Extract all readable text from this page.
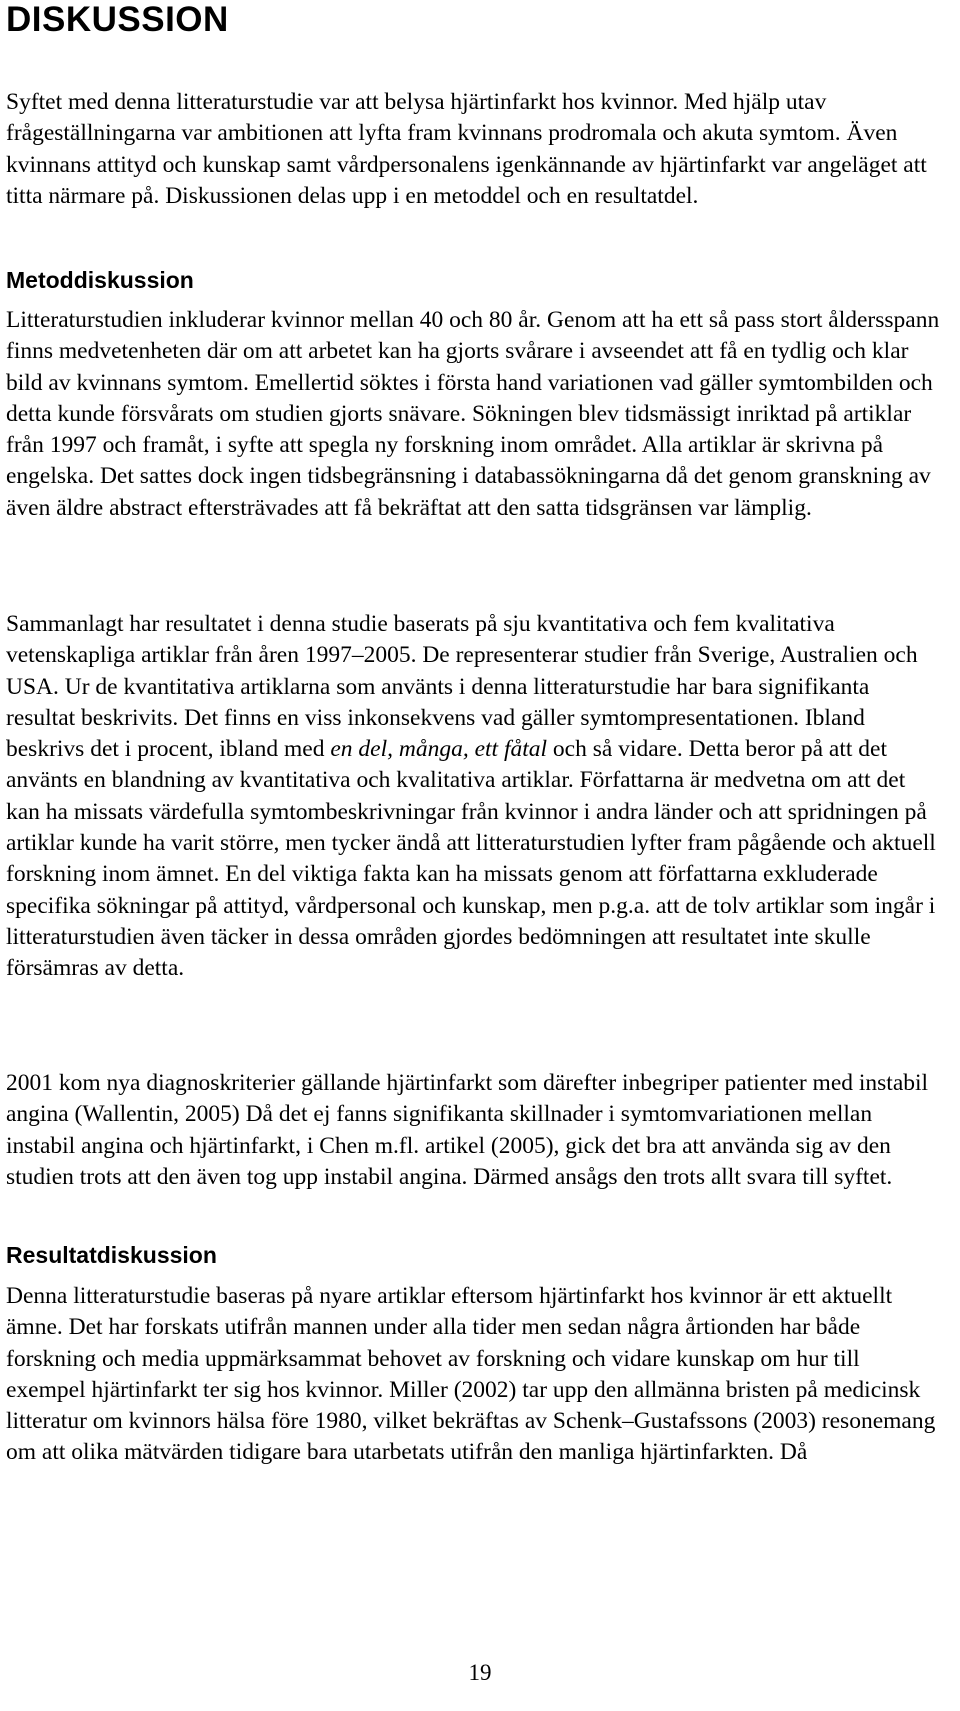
DISKUSSION

Syftet med denna litteraturstudie var att belysa hjärtinfarkt hos kvinnor. Med hjälp utav frågeställningarna var ambitionen att lyfta fram kvinnans prodromala och akuta symtom. Även kvinnans attityd och kunskap samt vårdpersonalens igenkännande av hjärtinfarkt var angeläget att titta närmare på. Diskussionen delas upp i en metoddel och en resultatdel.

Metoddiskussion

Litteraturstudien inkluderar kvinnor mellan 40 och 80 år. Genom att ha ett så pass stort åldersspann finns medvetenheten där om att arbetet kan ha gjorts svårare i avseendet att få en tydlig och klar bild av kvinnans symtom. Emellertid söktes i första hand variationen vad gäller symtombilden och detta kunde försvårats om studien gjorts snävare. Sökningen blev tidsmässigt inriktad på artiklar från 1997 och framåt, i syfte att spegla ny forskning inom området. Alla artiklar är skrivna på engelska. Det sattes dock ingen tidsbegränsning i databassökningarna då det genom granskning av även äldre abstract eftersträvades att få bekräftat att den satta tidsgränsen var lämplig.

Sammanlagt har resultatet i denna studie baserats på sju kvantitativa och fem kvalitativa vetenskapliga artiklar från åren 1997–2005. De representerar studier från Sverige, Australien och USA. Ur de kvantitativa artiklarna som använts i denna litteraturstudie har bara signifikanta resultat beskrivits. Det finns en viss inkonsekvens vad gäller symtompresentationen. Ibland beskrivs det i procent, ibland med en del, många, ett fåtal och så vidare. Detta beror på att det använts en blandning av kvantitativa och kvalitativa artiklar. Författarna är medvetna om att det kan ha missats värdefulla symtombeskrivningar från kvinnor i andra länder och att spridningen på artiklar kunde ha varit större, men tycker ändå att litteraturstudien lyfter fram pågående och aktuell forskning inom ämnet. En del viktiga fakta kan ha missats genom att författarna exkluderade specifika sökningar på attityd, vårdpersonal och kunskap, men p.g.a. att de tolv artiklar som ingår i litteraturstudien även täcker in dessa områden gjordes bedömningen att resultatet inte skulle försämras av detta.

2001 kom nya diagnoskriterier gällande hjärtinfarkt som därefter inbegriper patienter med instabil angina (Wallentin, 2005) Då det ej fanns signifikanta skillnader i symtomvariationen mellan instabil angina och hjärtinfarkt, i Chen m.fl. artikel (2005), gick det bra att använda sig av den studien trots att den även tog upp instabil angina. Därmed ansågs den trots allt svara till syftet.

Resultatdiskussion

Denna litteraturstudie baseras på nyare artiklar eftersom hjärtinfarkt hos kvinnor är ett aktuellt ämne. Det har forskats utifrån mannen under alla tider men sedan några årtionden har både forskning och media uppmärksammat behovet av forskning och vidare kunskap om hur till exempel hjärtinfarkt ter sig hos kvinnor. Miller (2002) tar upp den allmänna bristen på medicinsk litteratur om kvinnors hälsa före 1980, vilket bekräftas av Schenk–Gustafssons (2003) resonemang om att olika mätvärden tidigare bara utarbetats utifrån den manliga hjärtinfarkten. Då

19
